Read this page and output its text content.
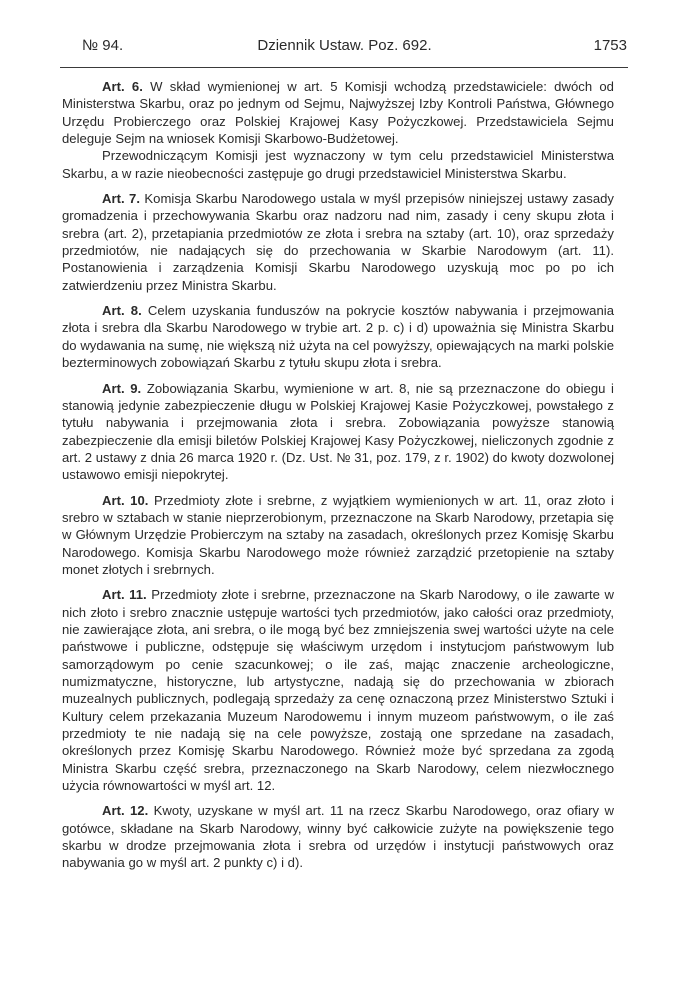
№ 94.	Dziennik Ustaw. Poz. 692.	1753

Art. 6. W skład wymienionej w art. 5 Komisji wchodzą przedstawiciele: dwóch od Ministerstwa Skarbu, oraz po jednym od Sejmu, Najwyższej Izby Kontroli Państwa, Głównego Urzędu Probierczego oraz Polskiej Krajowej Kasy Pożyczkowej. Przedstawiciela Sejmu deleguje Sejm na wniosek Komisji Skarbowo-Budżetowej.

Przewodniczącym Komisji jest wyznaczony w tym celu przedstawiciel Ministerstwa Skarbu, a w razie nieobecności zastępuje go drugi przedstawiciel Ministerstwa Skarbu.

Art. 7. Komisja Skarbu Narodowego ustala w myśl przepisów niniejszej ustawy zasady gromadzenia i przechowywania Skarbu oraz nadzoru nad nim, zasady i ceny skupu złota i srebra (art. 2), przetapiania przedmiotów ze złota i srebra na sztaby (art. 10), oraz sprzedaży przedmiotów, nie nadających się do przechowania w Skarbie Narodowym (art. 11). Postanowienia i zarządzenia Komisji Skarbu Narodowego uzyskują moc po po ich zatwierdzeniu przez Ministra Skarbu.

Art. 8. Celem uzyskania funduszów na pokrycie kosztów nabywania i przejmowania złota i srebra dla Skarbu Narodowego w trybie art. 2 p. c) i d) upoważnia się Ministra Skarbu do wydawania na sumę, nie większą niż użyta na cel powyższy, opiewających na marki polskie bezterminowych zobowiązań Skarbu z tytułu skupu złota i srebra.

Art. 9. Zobowiązania Skarbu, wymienione w art. 8, nie są przeznaczone do obiegu i stanowią jedynie zabezpieczenie długu w Polskiej Krajowej Kasie Pożyczkowej, powstałego z tytułu nabywania i przejmowania złota i srebra. Zobowiązania powyższe stanowią zabezpieczenie dla emisji biletów Polskiej Krajowej Kasy Pożyczkowej, nieliczonych zgodnie z art. 2 ustawy z dnia 26 marca 1920 r. (Dz. Ust. № 31, poz. 179, z r. 1902) do kwoty dozwolonej ustawowo emisji niepokrytej.

Art. 10. Przedmioty złote i srebrne, z wyjątkiem wymienionych w art. 11, oraz złoto i srebro w sztabach w stanie nieprzerobionym, przeznaczone na Skarb Narodowy, przetapia się w Głównym Urzędzie Probierczym na sztaby na zasadach, określonych przez Komisję Skarbu Narodowego. Komisja Skarbu Narodowego może również zarządzić przetopienie na sztaby monet złotych i srebrnych.

Art. 11. Przedmioty złote i srebrne, przeznaczone na Skarb Narodowy, o ile zawarte w nich złoto i srebro znacznie ustępuje wartości tych przedmiotów, jako całości oraz przedmioty, nie zawierające złota, ani srebra, o ile mogą być bez zmniejszenia swej wartości użyte na cele państwowe i publiczne, odstępuje się właściwym urzędom i instytucjom państwowym lub samorządowym po cenie szacunkowej; o ile zaś, mając znaczenie archeologiczne, numizmatyczne, historyczne, lub artystyczne, nadają się do przechowania w zbiorach muzealnych publicznych, podlegają sprzedaży za cenę oznaczoną przez Ministerstwo Sztuki i Kultury celem przekazania Muzeum Narodowemu i innym muzeom państwowym, o ile zaś przedmioty te nie nadają się na cele powyższe, zostają one sprzedane na zasadach, określonych przez Komisję Skarbu Narodowego. Również może być sprzedana za zgodą Ministra Skarbu część srebra, przeznaczonego na Skarb Narodowy, celem niezwłocznego użycia równowartości w myśl art. 12.

Art. 12. Kwoty, uzyskane w myśl art. 11 na rzecz Skarbu Narodowego, oraz ofiary w gotówce, składane na Skarb Narodowy, winny być całkowicie zużyte na powiększenie tego skarbu w drodze przejmowania złota i srebra od urzędów i instytucji państwowych oraz nabywania go w myśl art. 2 punkty c) i d).
